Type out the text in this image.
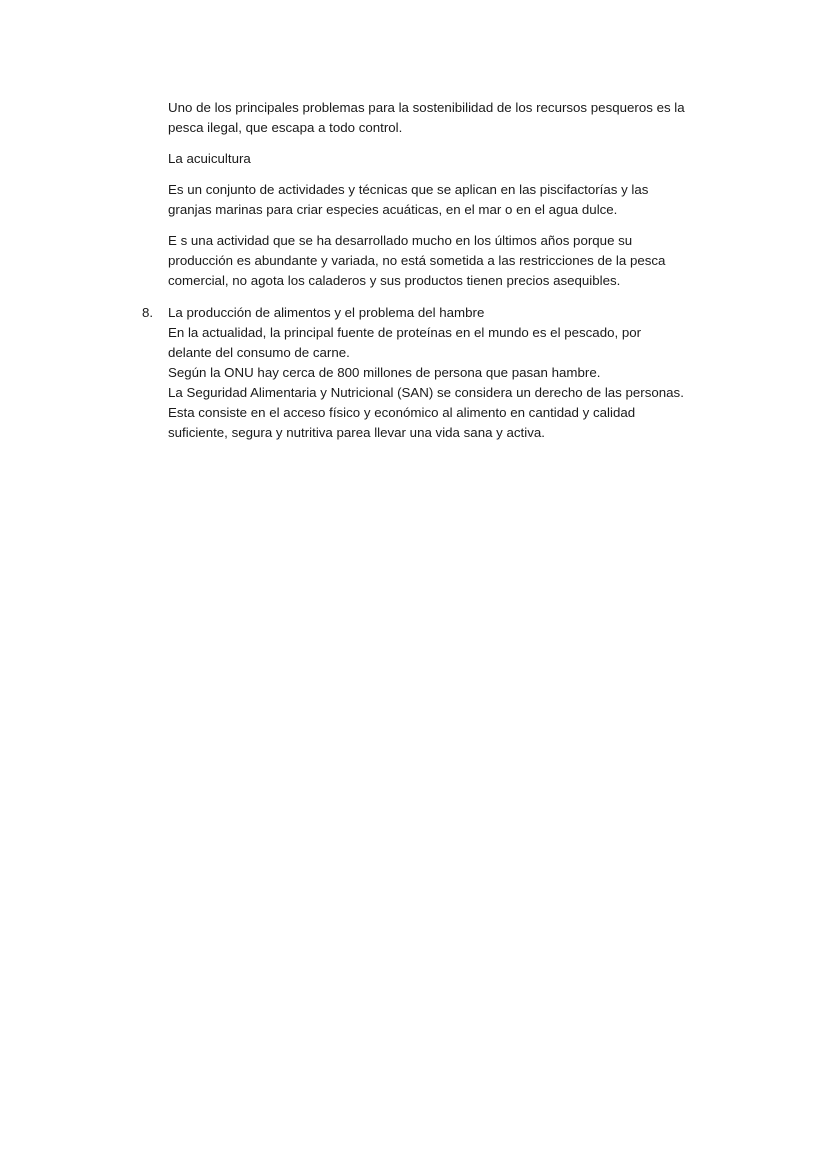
Uno de los principales problemas para la sostenibilidad de los recursos pesqueros es la
pesca ilegal, que escapa a todo control.

La acuicultura

Es un conjunto de actividades y técnicas que se aplican en las piscifactorías y las
granjas marinas para criar especies acuáticas, en el mar o en el agua dulce.

E s una actividad que se ha desarrollado mucho en los últimos años porque su
producción es abundante y variada, no está sometida a las restricciones de la pesca
comercial, no agota los caladeros y sus productos tienen precios asequibles.

8. La producción de alimentos y el problema del hambre
En la actualidad, la principal fuente de proteínas en el mundo es el pescado, por
delante del consumo de carne.
Según la ONU hay cerca de 800 millones de persona que pasan hambre.
La Seguridad Alimentaria y Nutricional (SAN) se considera un derecho de las personas.
Esta consiste en el acceso físico y económico al alimento en cantidad y calidad
suficiente, segura y nutritiva parea llevar una vida sana y activa.
